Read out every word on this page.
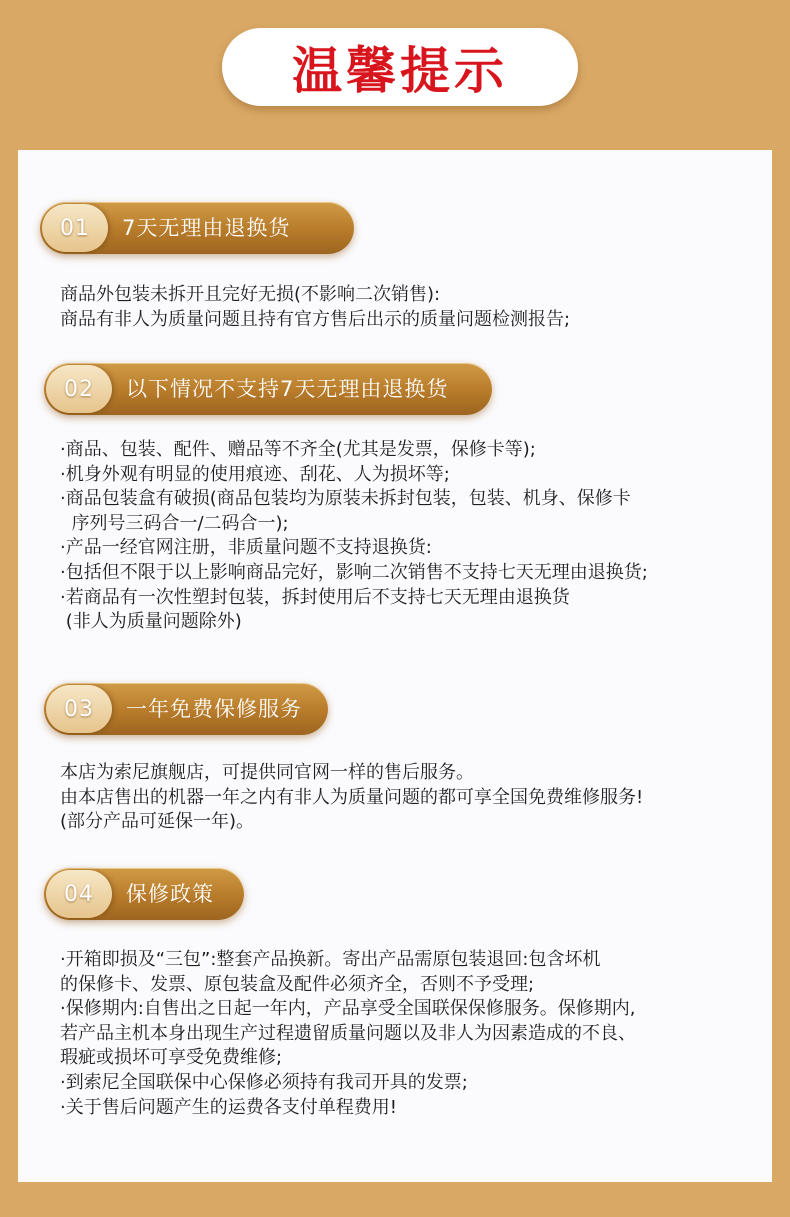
温馨提示
01	7天无理由退换货
商品外包装未拆开且完好无损(不影响二次销售):
商品有非人为质量问题且持有官方售后出示的质量问题检测报告;
02	以下情况不支持7天无理由退换货
·商品、包装、配件、赠品等不齐全(尤其是发票，保修卡等);
·机身外观有明显的使用痕迹、刮花、人为损坏等;
·商品包装盒有破损(商品包装均为原装未拆封包装，包装、机身、保修卡
序列号三码合一/二码合一);
·产品一经官网注册，非质量问题不支持退换货:
·包括但不限于以上影响商品完好，影响二次销售不支持七天无理由退换货;
·若商品有一次性塑封包装，拆封使用后不支持七天无理由退换货
(非人为质量问题除外)
03	一年免费保修服务
本店为索尼旗舰店，可提供同官网一样的售后服务。
由本店售出的机器一年之内有非人为质量问题的都可享全国免费维修服务!
(部分产品可延保一年)。
04	保修政策
·开箱即损及“三包”:整套产品换新。寄出产品需原包装退回:包含坏机
的保修卡、发票、原包装盒及配件必须齐全，否则不予受理;
·保修期内:自售出之日起一年内，产品享受全国联保保修服务。保修期内,
若产品主机本身出现生产过程遗留质量问题以及非人为因素造成的不良、
瑕疵或损坏可享受免费维修;
·到索尼全国联保中心保修必须持有我司开具的发票;
·关于售后问题产生的运费各支付单程费用!
